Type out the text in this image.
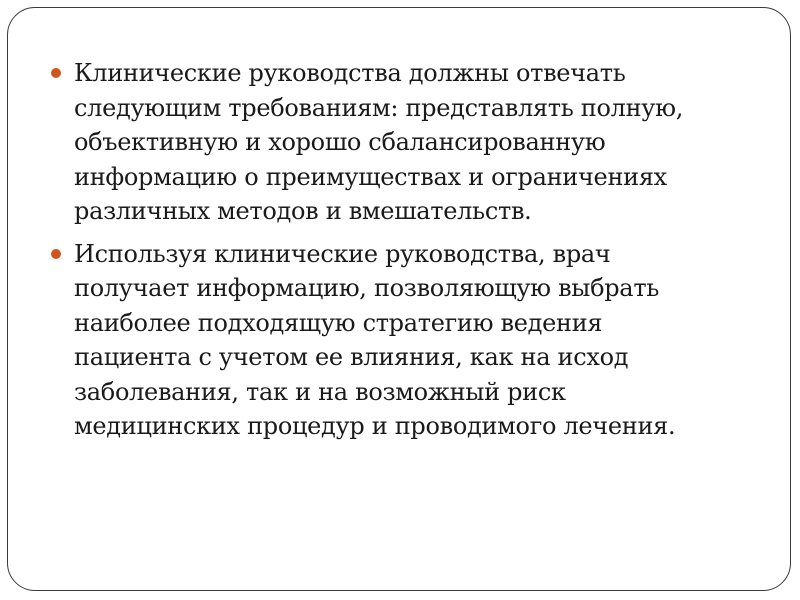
Клинические руководства должны отвечать следующим требованиям: представлять полную, объективную и хорошо сбалансированную информацию о преимуществах и ограничениях различных методов и вмешательств.
Используя клинические руководства, врач получает информацию, позволяющую выбрать наиболее подходящую стратегию ведения пациента с учетом ее влияния, как на исход заболевания, так и на возможный риск медицинских процедур и проводимого лечения.
